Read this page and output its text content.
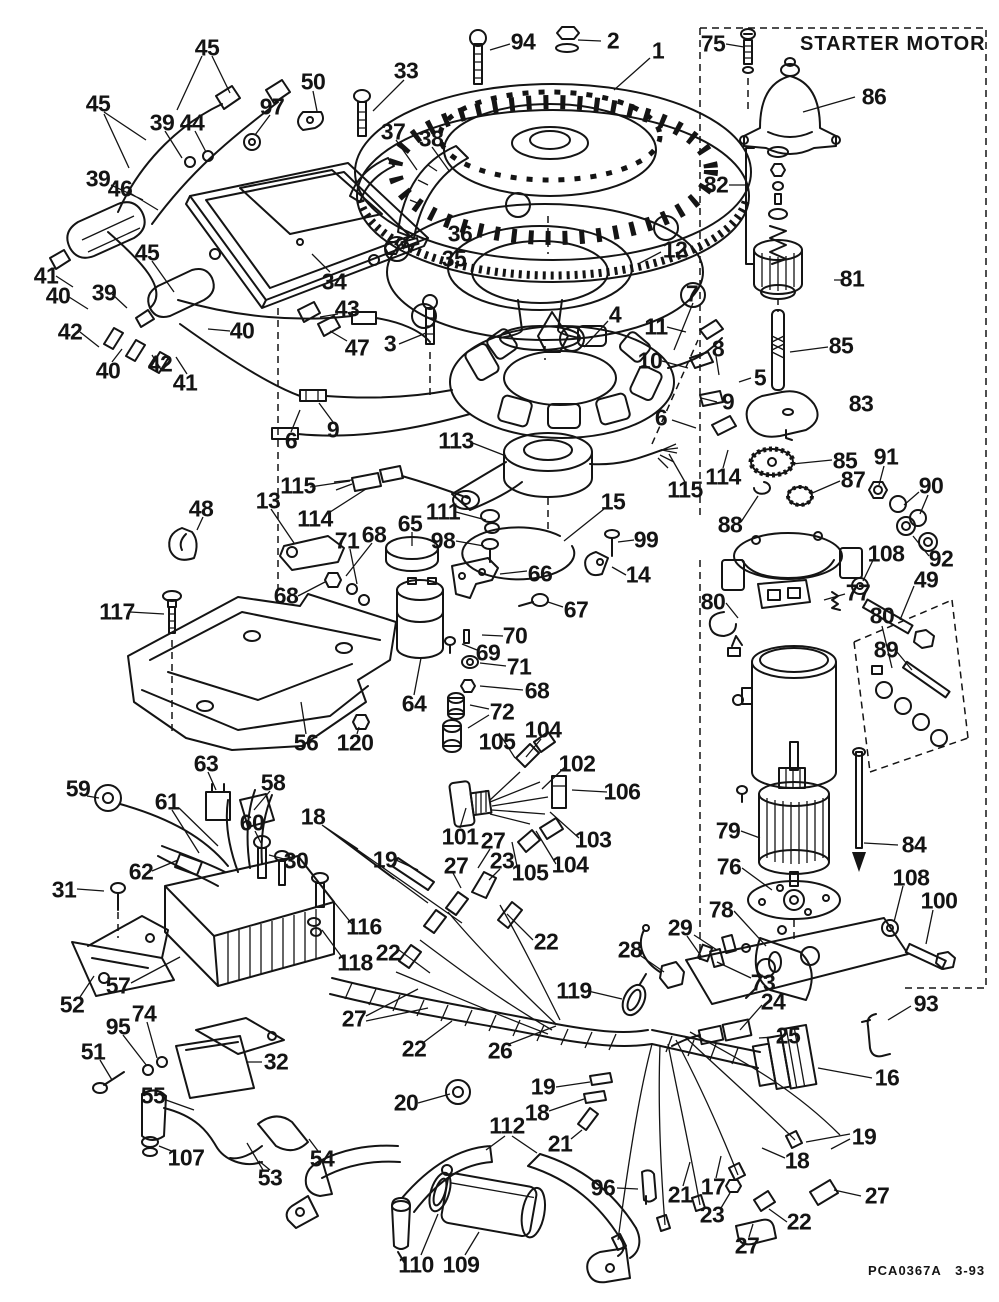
STARTER MOTOR
45	94	2 1 75
86
50	33
97
45
39 44	37 38
82
39
46
36
35	12
81
41
40 39	34	7
43
11
8	85
42
45
40	3
4
10
47
5
40 42
41
9	83
6
9
6	113
115
85 91
87 90
13
48	114	111
115 114
15
88
108 92
65
71 68 98	99
49
14
66
77
67	80
80
117
89
70
69
71
68
68
72
64
56 120	105 104
63
58
102
106
59	61
60 18
101 27	103
104
79
84
30	19 27 23
105
31
62	76	108
100
116
78
29
28
22
118 22
73
24
57
52
27
119
25
22	26
74
95
16
51	32
93
19
20	18
55
21	19
107
112
18
53
54
96 21 17	27
23
110 109
22
27
PCA0367A   3-93
